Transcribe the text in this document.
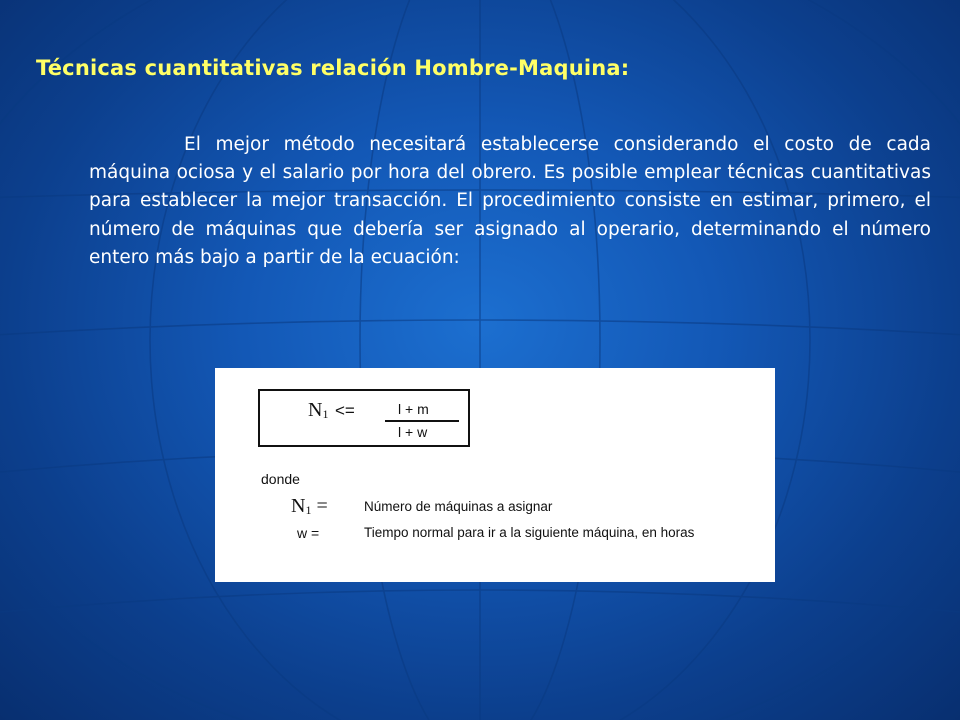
Técnicas cuantitativas relación Hombre-Maquina:

El mejor método necesitará establecerse considerando el costo de cada máquina ociosa y el salario por hora del obrero. Es posible emplear técnicas cuantitativas para establecer la mejor transacción. El procedimiento consiste en estimar, primero, el número de máquinas que debería ser asignado al operario, determinando el número entero más bajo a partir de la ecuación:

$N_1$ <=	l + m
l + w
donde
$N_1$ =	Número de máquinas a asignar
w =	Tiempo normal para ir a la siguiente máquina, en horas
